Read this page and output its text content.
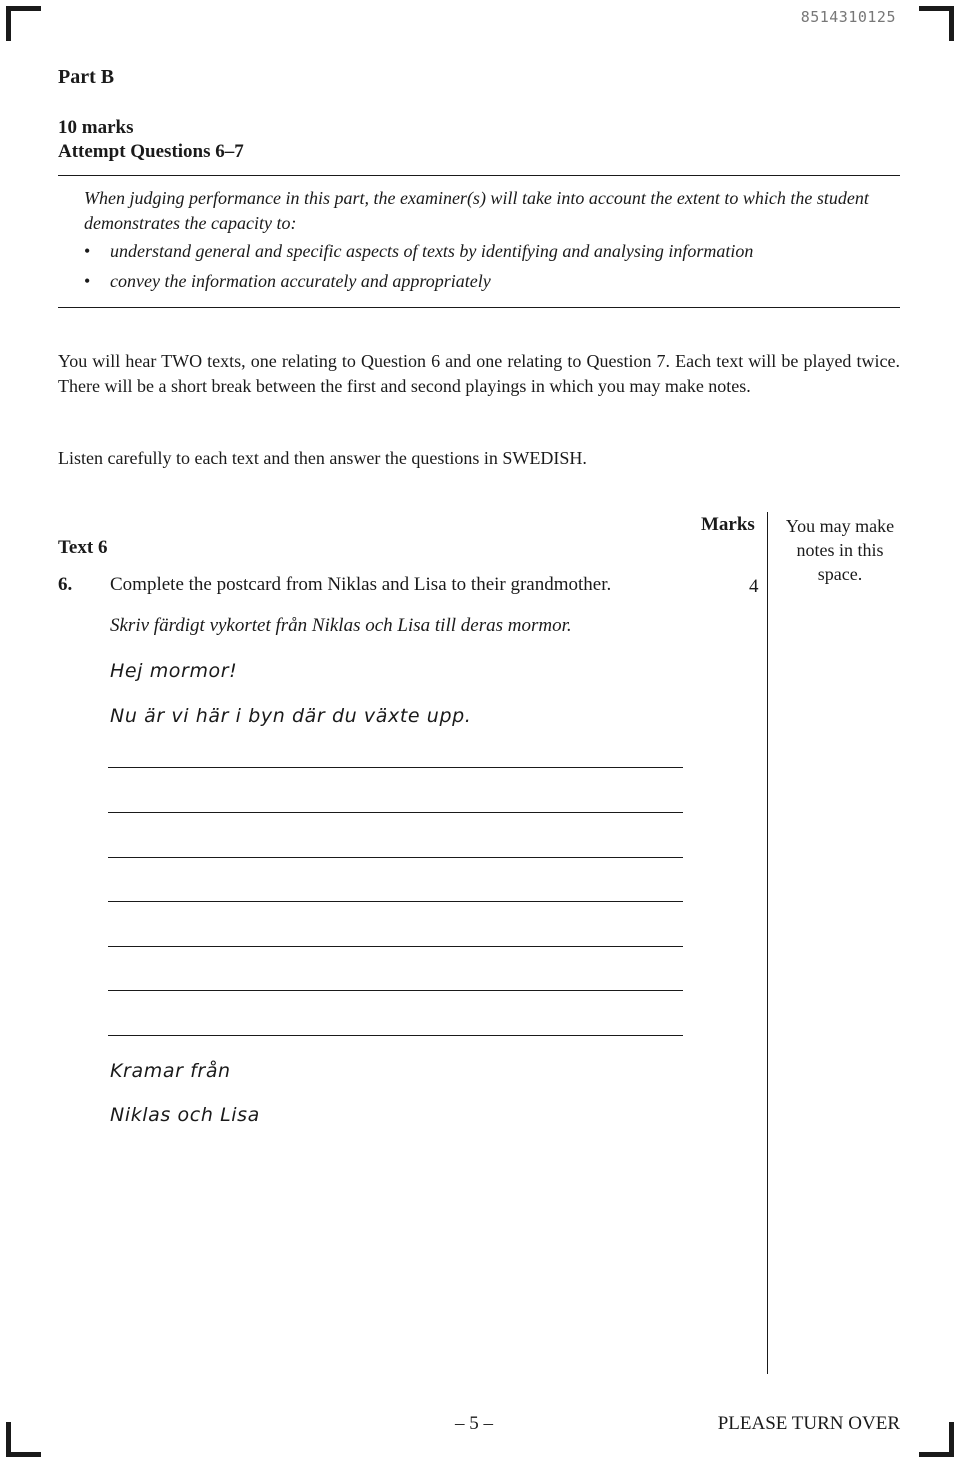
8514310125
Part B
10 marks
Attempt Questions 6–7
When judging performance in this part, the examiner(s) will take into account the extent to which the student demonstrates the capacity to:
• understand general and specific aspects of texts by identifying and analysing information
• convey the information accurately and appropriately
You will hear TWO texts, one relating to Question 6 and one relating to Question 7. Each text will be played twice. There will be a short break between the first and second playings in which you may make notes.
Listen carefully to each text and then answer the questions in SWEDISH.
Marks	You may make notes in this space.
Text 6
6. Complete the postcard from Niklas and Lisa to their grandmother.	4
Skriv färdigt vykortet från Niklas och Lisa till deras mormor.
Hej mormor!
Nu är vi här i byn där du växte upp.
Kramar från
Niklas och Lisa
– 5 –	PLEASE TURN OVER
